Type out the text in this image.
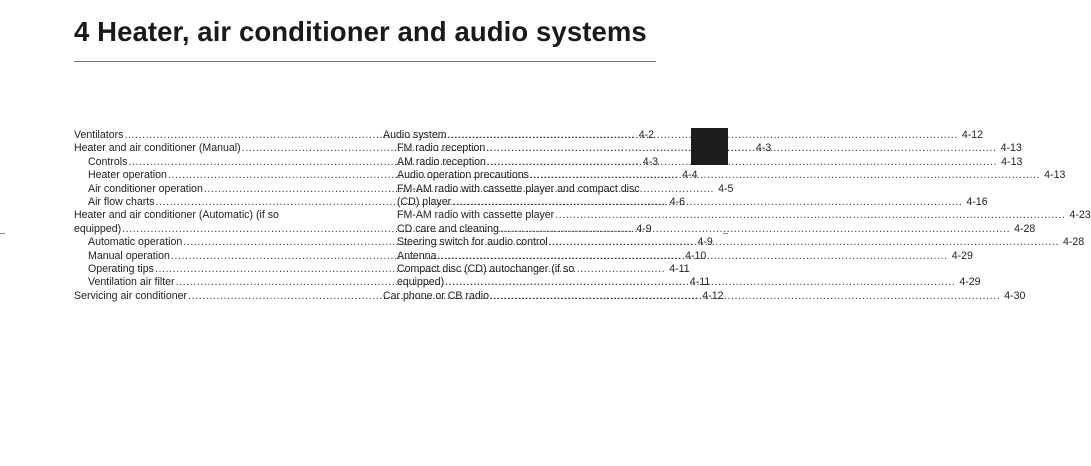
4 Heater, air conditioner and audio systems
Ventilators .....	4-2
Heater and air conditioner (Manual) .....	4-3
Controls .....	4-3
Heater operation .....	4-4
Air conditioner operation .....	4-5
Air flow charts .....	4-6
Heater and air conditioner (Automatic) (if so
equipped) .....	4-9
Automatic operation .....	4-9
Manual operation .....	4-10
Operating tips .....	4-11
Ventilation air filter .....	4-11
Servicing air conditioner .....	4-12
Audio system .....	4-12
FM radio reception .....	4-13
AM radio reception .....	4-13
Audio operation precautions .....	4-13
FM-AM radio with cassette player and compact disc
(CD) player .....	4-16
FM-AM radio with cassette player .....	4-23
CD care and cleaning .....	4-28
Steering switch for audio control .....	4-28
Antenna .....	4-29
Compact disc (CD) autochanger (if so
equipped) .....	4-29
Car phone or CB radio .....	4-30
